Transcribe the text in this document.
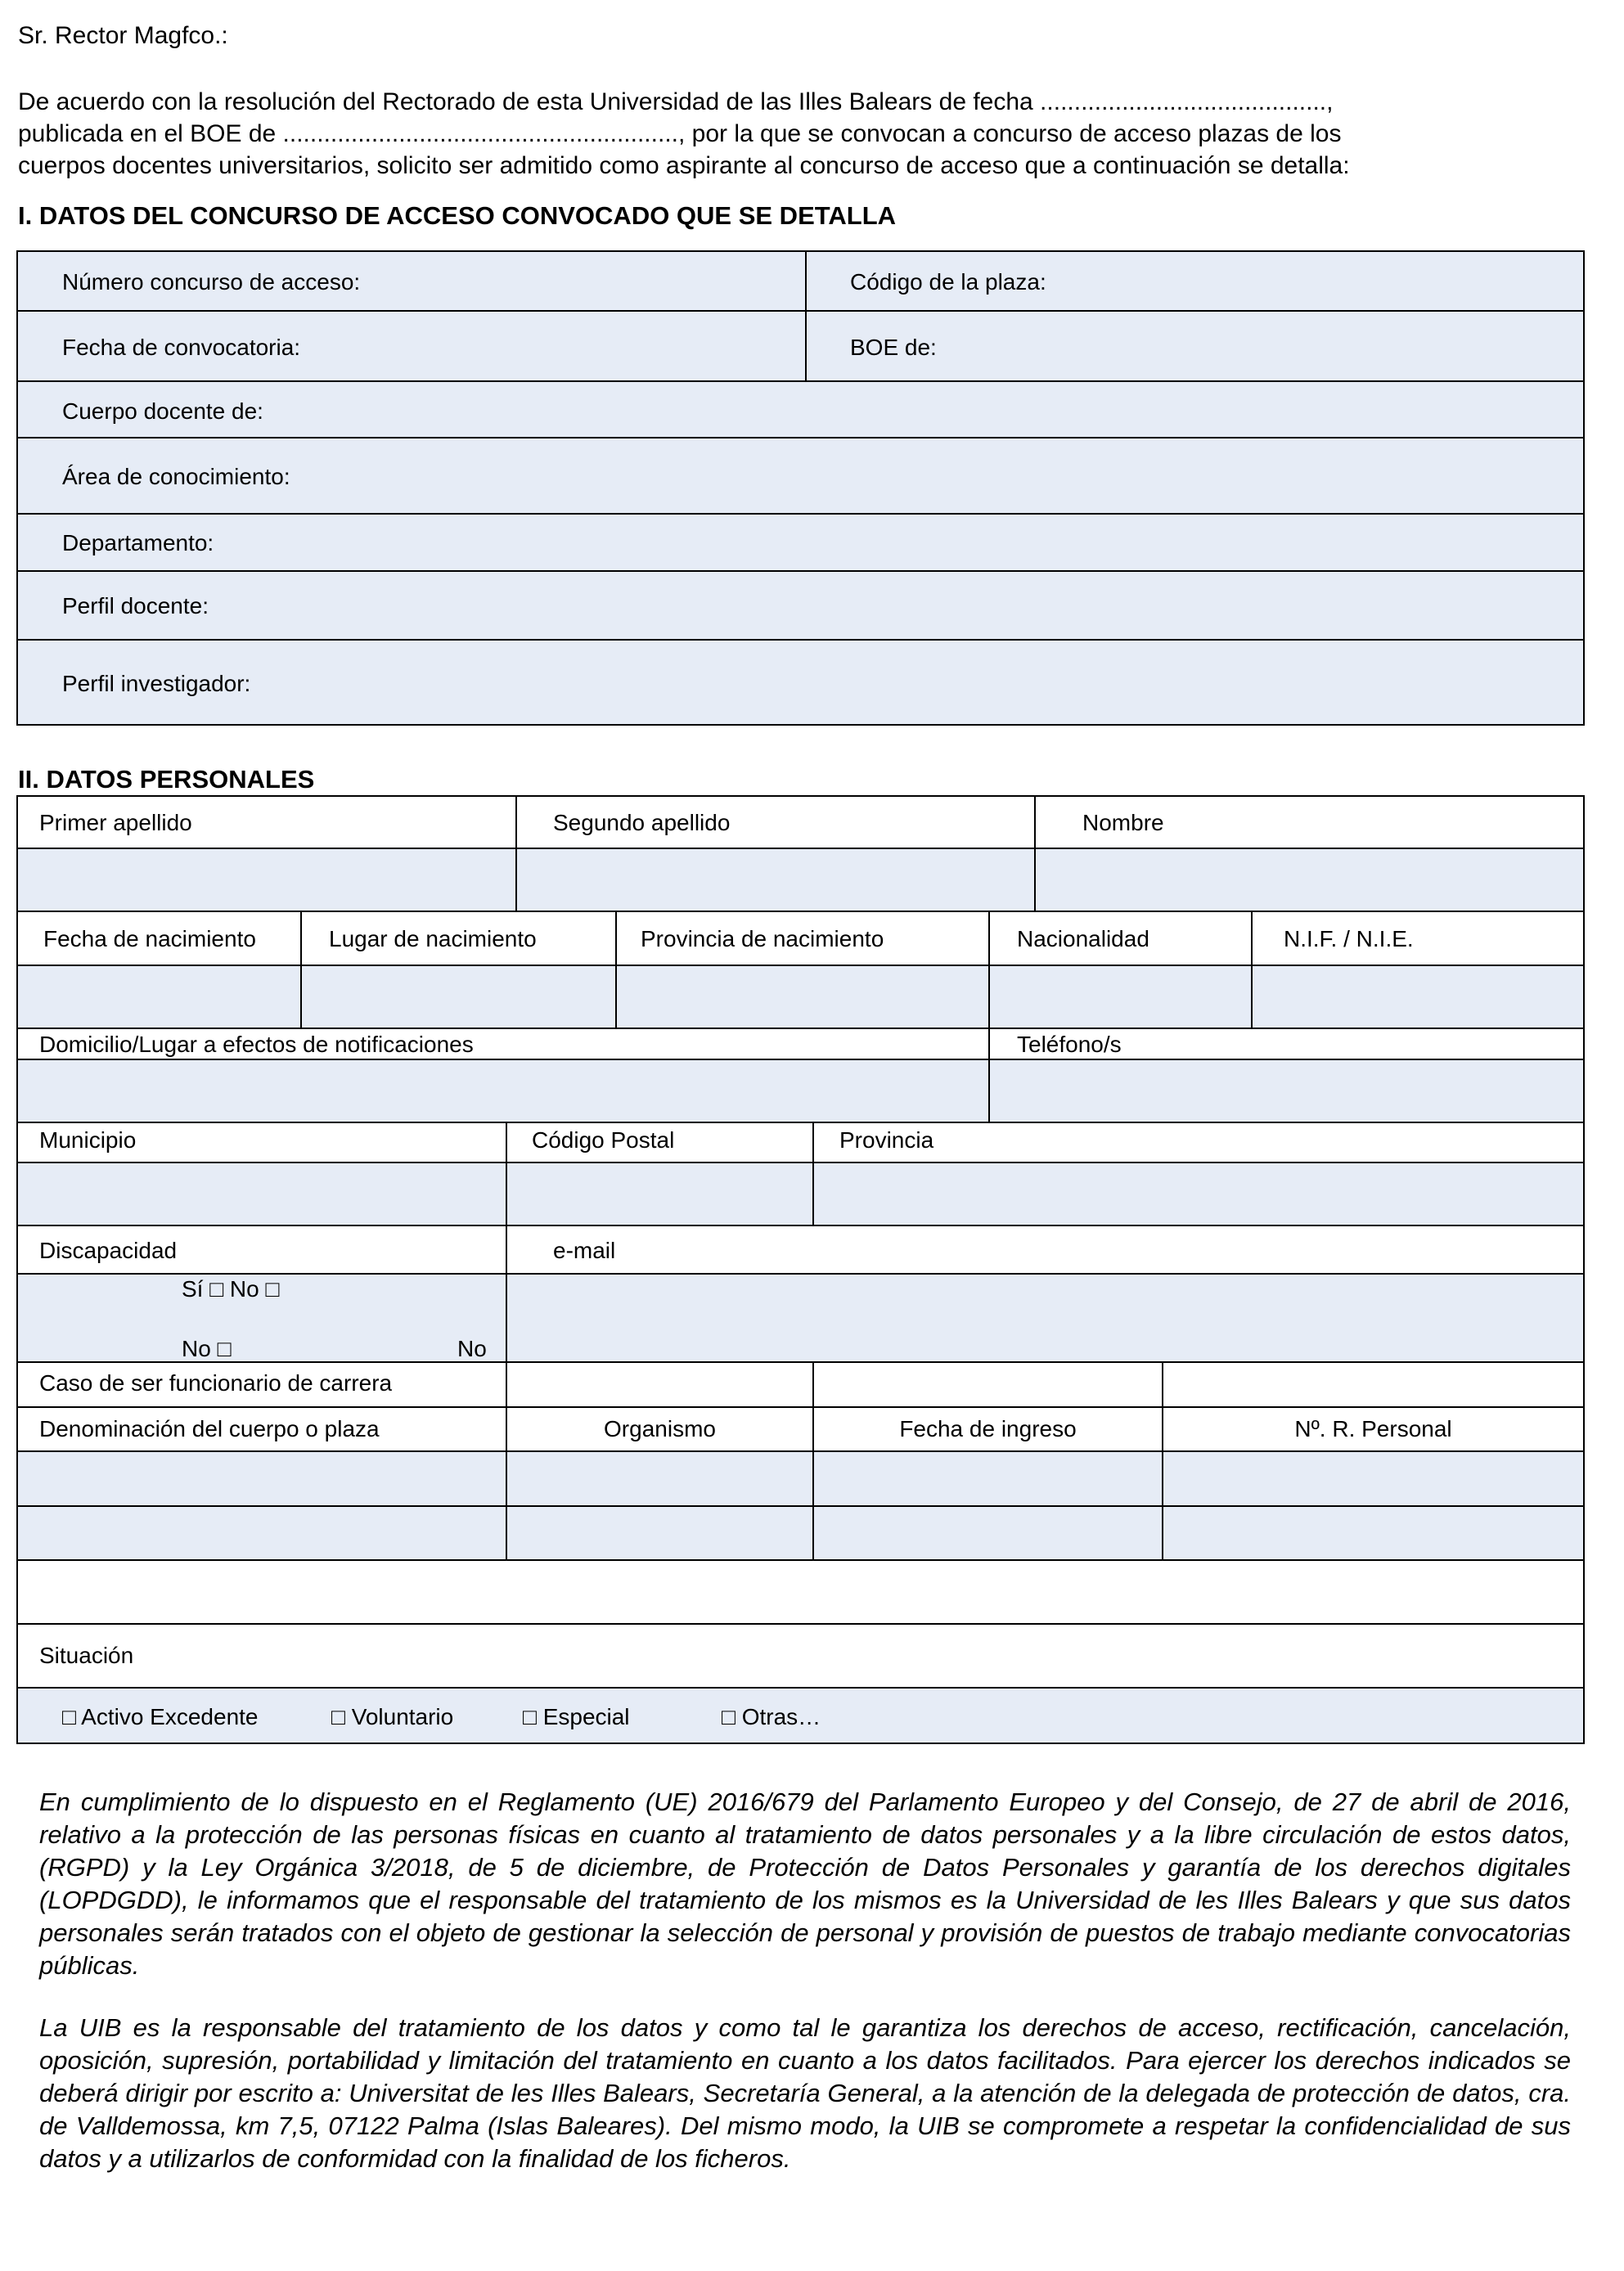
Sr. Rector Magfco.:
De acuerdo con la resolución del Rectorado de esta Universidad de las Illes Balears de fecha ..........................................,
publicada en el BOE de .........................................................., por la que se convocan a concurso de acceso plazas de los
cuerpos docentes universitarios, solicito ser admitido como aspirante al concurso de acceso que a continuación se detalla:
I. DATOS DEL CONCURSO DE ACCESO CONVOCADO QUE SE DETALLA
Número concurso de acceso:	Código de la plaza:
Fecha de convocatoria:	BOE de:
Cuerpo docente de:
Área de conocimiento:
Departamento:
Perfil docente:
Perfil investigador:
II. DATOS PERSONALES
Primer apellido	Segundo apellido	Nombre
Fecha de nacimiento	Lugar de nacimiento	Provincia de nacimiento	Nacionalidad	N.I.F. / N.I.E.
Domicilio/Lugar a efectos de notificaciones	Teléfono/s
Municipio	Código Postal	Provincia
Discapacidad	e-mail
Sí □ No □
No □	No
Caso de ser funcionario de carrera
Denominación del cuerpo o plaza	Organismo	Fecha de ingreso	Nº. R. Personal
Situación
□ Activo Excedente	□ Voluntario	□ Especial	□ Otras…
En cumplimiento de lo dispuesto en el Reglamento (UE) 2016/679 del Parlamento Europeo y del Consejo, de 27 de abril de 2016, relativo a la protección de las personas físicas en cuanto al tratamiento de datos personales y a la libre circulación de estos datos, (RGPD) y la Ley Orgánica 3/2018, de 5 de diciembre, de Protección de Datos Personales y garantía de los derechos digitales (LOPDGDD), le informamos que el responsable del tratamiento de los mismos es la Universidad de les Illes Balears y que sus datos personales serán tratados con el objeto de gestionar la selección de personal y provisión de puestos de trabajo mediante convocatorias públicas.
La UIB es la responsable del tratamiento de los datos y como tal le garantiza los derechos de acceso, rectificación, cancelación, oposición, supresión, portabilidad y limitación del tratamiento en cuanto a los datos facilitados. Para ejercer los derechos indicados se deberá dirigir por escrito a: Universitat de les Illes Balears, Secretaría General, a la atención de la delegada de protección de datos, cra. de Valldemossa, km 7,5, 07122 Palma (Islas Baleares). Del mismo modo, la UIB se compromete a respetar la confidencialidad de sus datos y a utilizarlos de conformidad con la finalidad de los ficheros.
